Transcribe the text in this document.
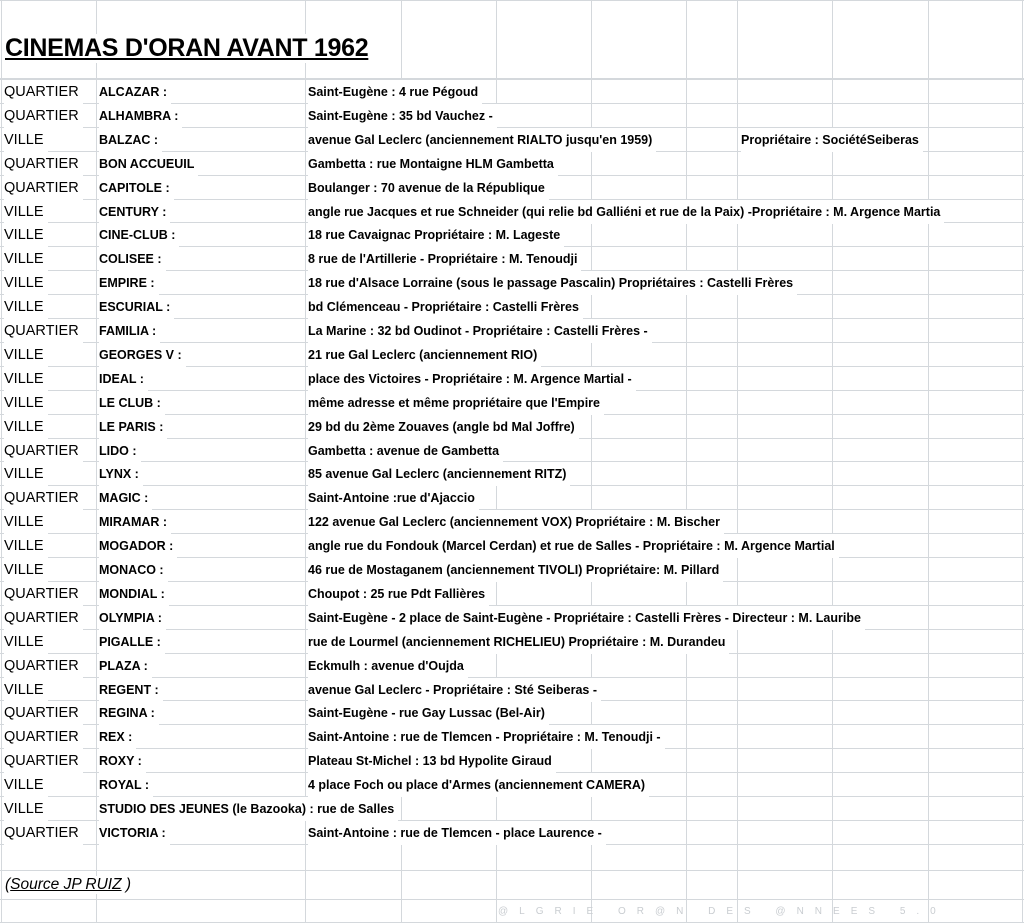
CINEMAS D'ORAN AVANT 1962
QUARTIER	ALCAZAR :	Saint-Eugène : 4 rue Pégoud
QUARTIER	ALHAMBRA :	Saint-Eugène : 35 bd Vauchez -
VILLE	BALZAC :	avenue Gal Leclerc (anciennement RIALTO jusqu'en 1959)	Propriétaire : SociétéSeiberas
QUARTIER	BON ACCUEUIL	Gambetta : rue Montaigne HLM Gambetta
QUARTIER	CAPITOLE :	Boulanger : 70 avenue de la République
VILLE	CENTURY :	angle rue Jacques et rue Schneider (qui relie bd Galliéni et rue de la Paix) -Propriétaire : M. Argence Martia
VILLE	CINE-CLUB :	18 rue Cavaignac Propriétaire : M. Lageste
VILLE	COLISEE :	8 rue de l'Artillerie - Propriétaire : M. Tenoudji
VILLE	EMPIRE :	18 rue d'Alsace Lorraine (sous le passage Pascalin) Propriétaires : Castelli Frères
VILLE	ESCURIAL :	bd Clémenceau - Propriétaire : Castelli Frères
QUARTIER	FAMILIA :	La Marine : 32 bd Oudinot - Propriétaire : Castelli Frères -
VILLE	GEORGES V :	21 rue Gal Leclerc (anciennement RIO)
VILLE	IDEAL :	place des Victoires - Propriétaire : M. Argence Martial -
VILLE	LE CLUB :	même adresse et même propriétaire que l'Empire
VILLE	LE PARIS :	29 bd du 2ème Zouaves (angle bd Mal Joffre)
QUARTIER	LIDO :	Gambetta : avenue de Gambetta
VILLE	LYNX :	85 avenue Gal Leclerc (anciennement RITZ)
QUARTIER	MAGIC :	Saint-Antoine :rue d'Ajaccio
VILLE	MIRAMAR :	122 avenue Gal Leclerc (anciennement VOX) Propriétaire : M. Bischer
VILLE	MOGADOR :	angle rue du Fondouk (Marcel Cerdan) et rue de Salles - Propriétaire : M. Argence Martial
VILLE	MONACO :	46 rue de Mostaganem (anciennement TIVOLI) Propriétaire: M. Pillard
QUARTIER	MONDIAL :	Choupot : 25 rue Pdt Fallières
QUARTIER	OLYMPIA :	Saint-Eugène - 2 place de Saint-Eugène - Propriétaire : Castelli Frères - Directeur : M. Lauribe
VILLE	PIGALLE :	rue de Lourmel (anciennement RICHELIEU) Propriétaire : M. Durandeu
QUARTIER	PLAZA :	Eckmulh : avenue d'Oujda
VILLE	REGENT :	avenue Gal Leclerc - Propriétaire : Sté Seiberas -
QUARTIER	REGINA :	Saint-Eugène - rue Gay Lussac (Bel-Air)
QUARTIER	REX :	Saint-Antoine : rue de Tlemcen - Propriétaire : M. Tenoudji -
QUARTIER	ROXY :	Plateau St-Michel : 13 bd Hypolite Giraud
VILLE	ROYAL :	4 place Foch ou place d'Armes (anciennement CAMERA)
VILLE	STUDIO DES JEUNES (le Bazooka) : rue de Salles
QUARTIER	VICTORIA :	Saint-Antoine : rue de Tlemcen - place Laurence -
(Source JP RUIZ )
@LGRIE OR@N DES @NNEES 5.0
